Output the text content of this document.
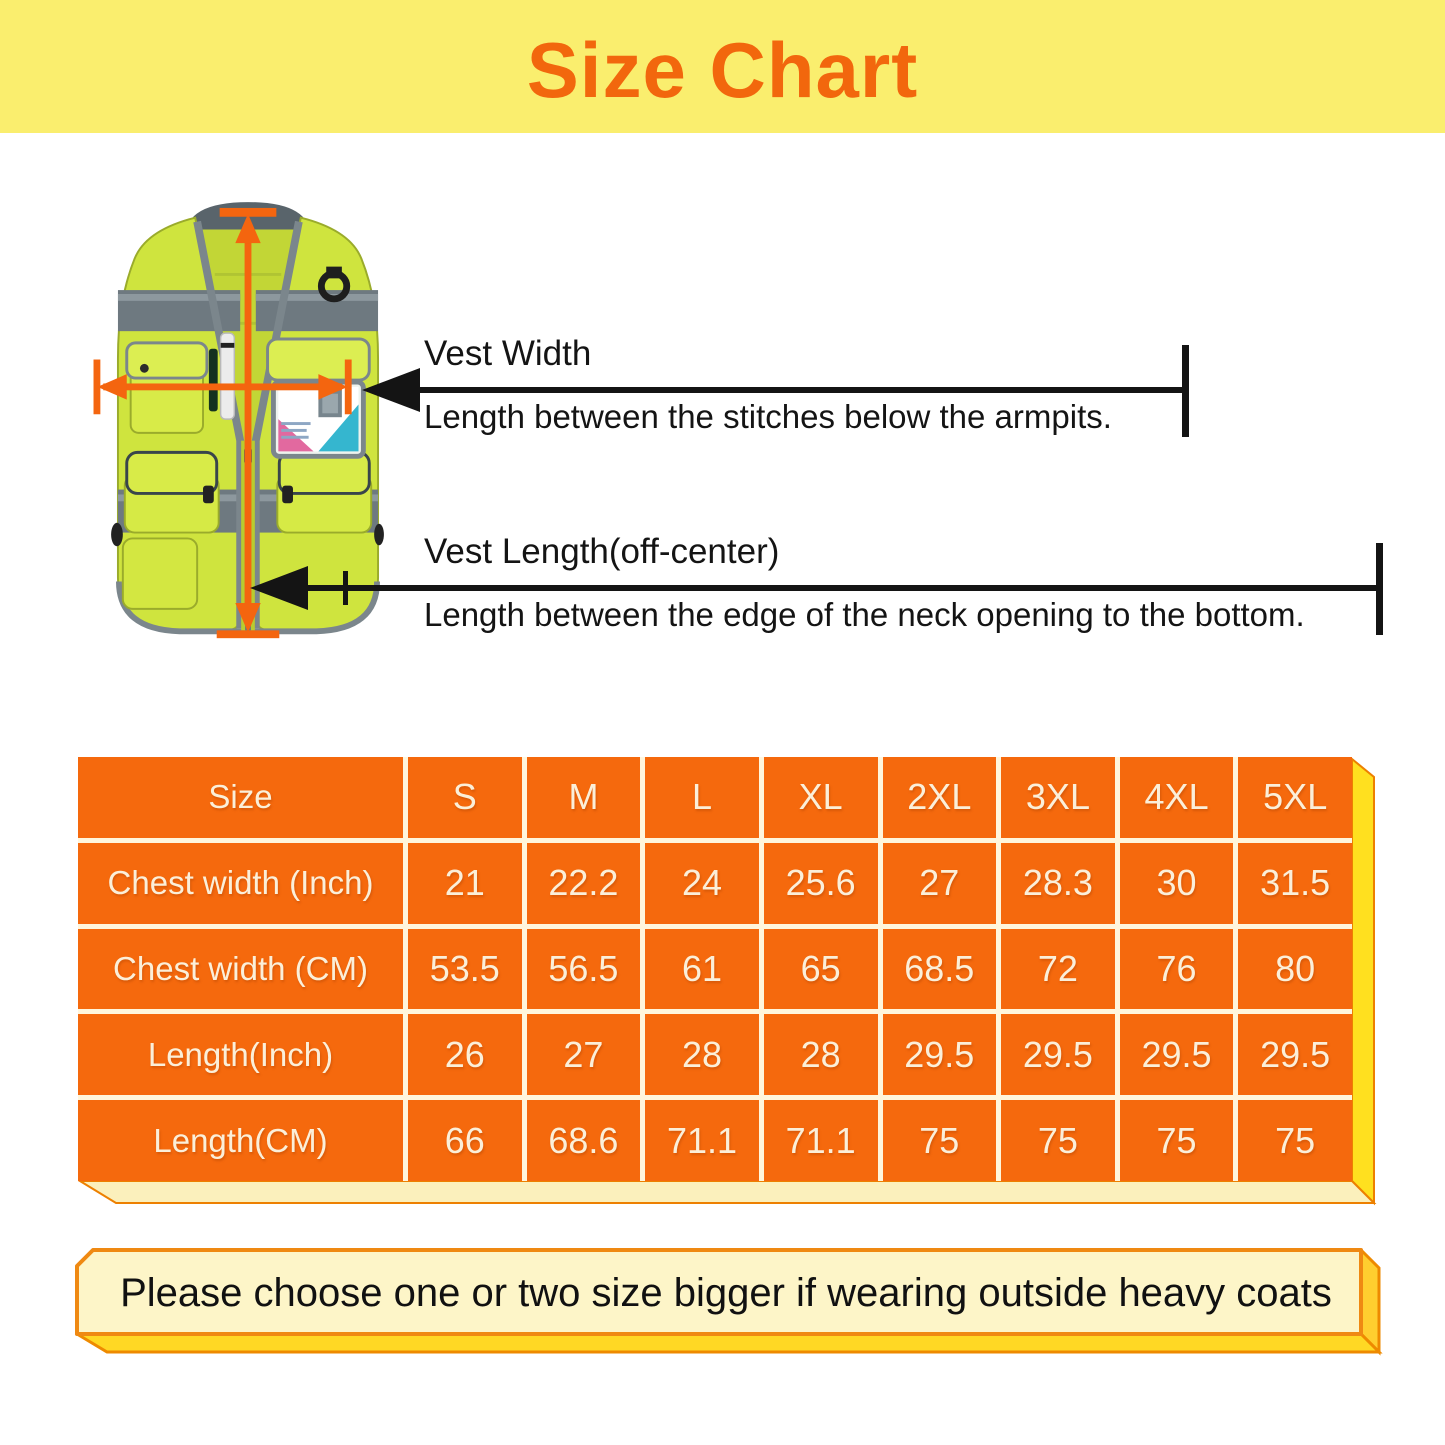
Size Chart
Vest Width
Length between the stitches below the armpits.
Vest Length(off-center)
Length between the edge of the neck opening to the bottom.
Size	S	M	L	XL	2XL	3XL	4XL	5XL
Chest width (Inch)	21	22.2	24	25.6	27	28.3	30	31.5
Chest width (CM)	53.5	56.5	61	65	68.5	72	76	80
Length(Inch)	26	27	28	28	29.5	29.5	29.5	29.5
Length(CM)	66	68.6	71.1	71.1	75	75	75	75
Please choose one or two size bigger if wearing outside heavy coats
